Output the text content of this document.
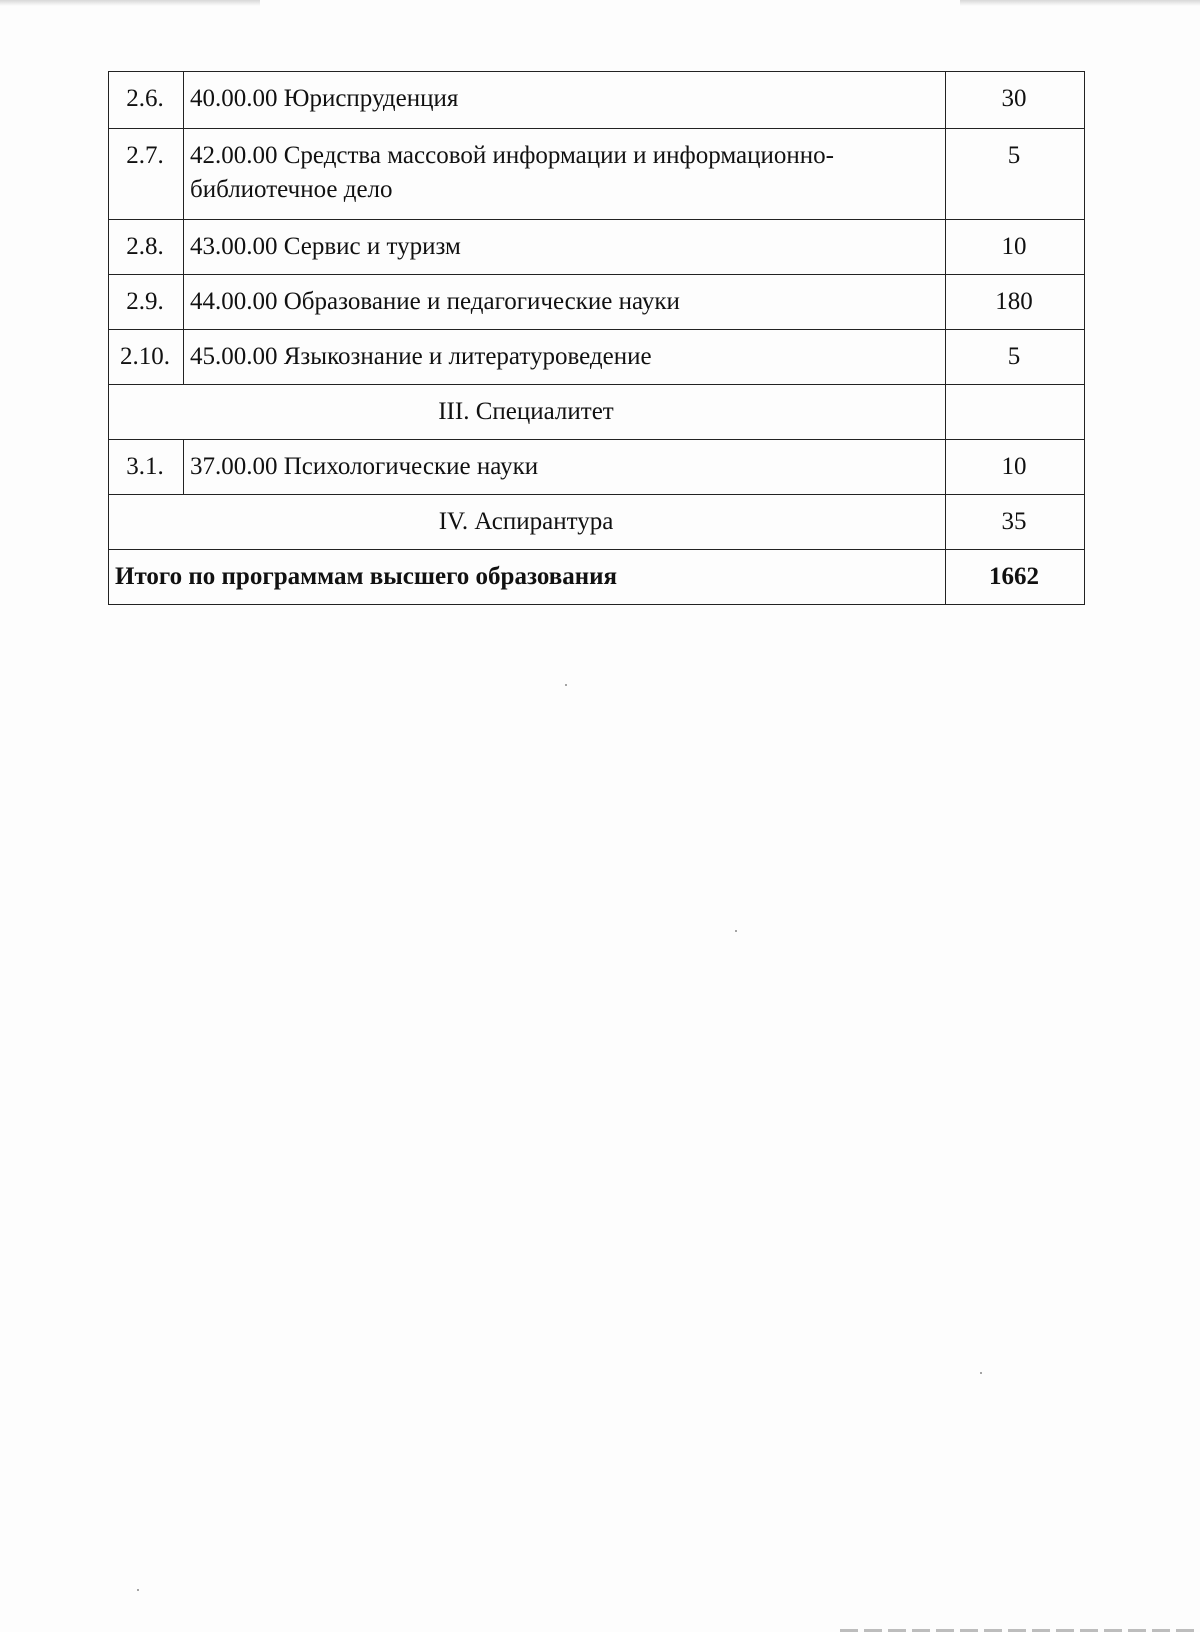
2.6.	40.00.00 Юриспруденция	30
2.7.	42.00.00 Средства массовой информации и информационно-библиотечное дело	5
2.8.	43.00.00 Сервис и туризм	10
2.9.	44.00.00 Образование и педагогические науки	180
2.10.	45.00.00 Языкознание и литературоведение	5
III. Специалитет		
3.1.	37.00.00 Психологические науки	10
IV. Аспирантура		35
Итого по программам высшего образования		1662
